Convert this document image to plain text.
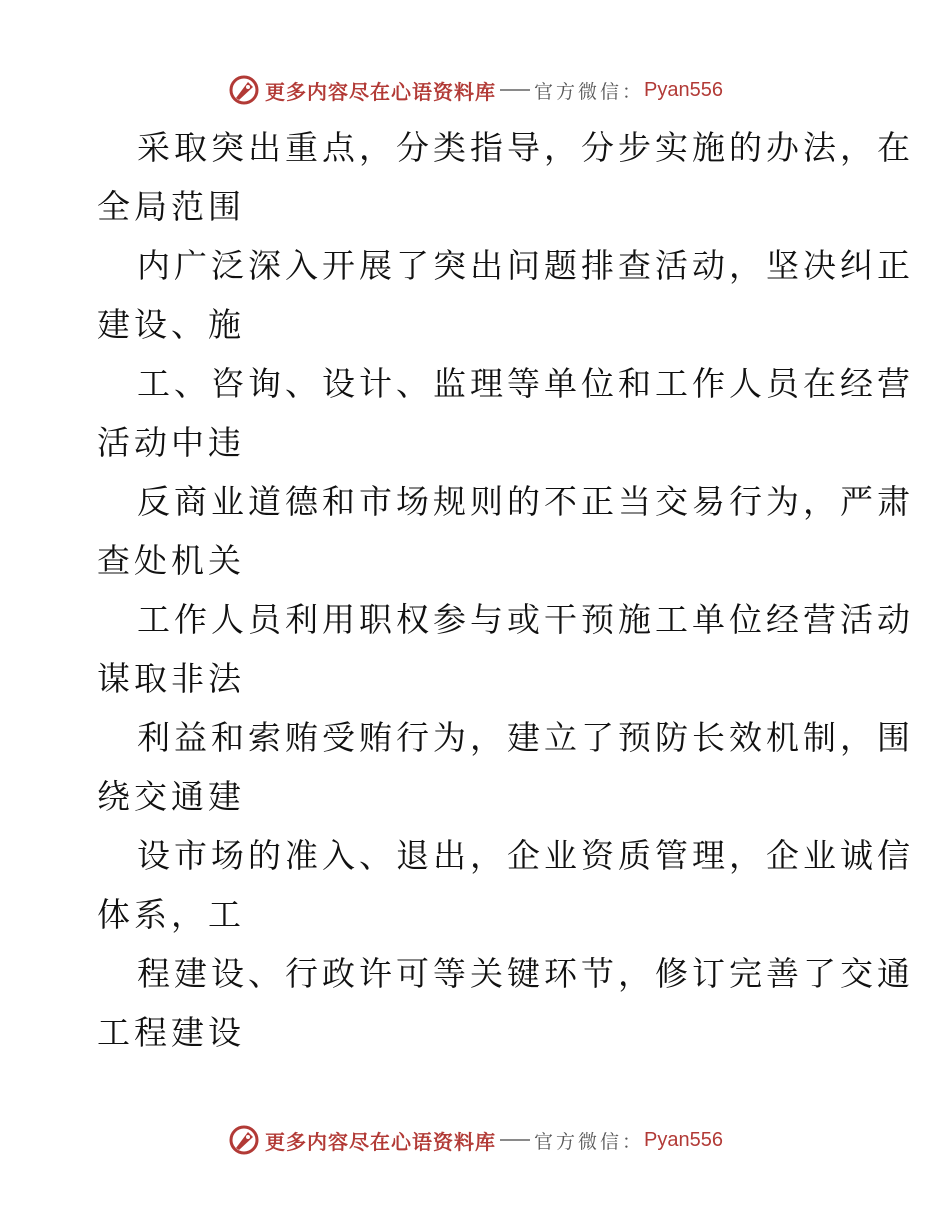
更多内容尽在心语资料库 官方微信： Pyan556

采取突出重点，分类指导，分步实施的办法，在
全局范围

内广泛深入开展了突出问题排查活动，坚决纠正
建设、施

工、咨询、设计、监理等单位和工作人员在经营
活动中违

反商业道德和市场规则的不正当交易行为，严肃
查处机关

工作人员利用职权参与或干预施工单位经营活动
谋取非法

利益和索贿受贿行为，建立了预防长效机制，围
绕交通建

设市场的准入、退出，企业资质管理，企业诚信
体系，工

程建设、行政许可等关键环节，修订完善了交通
工程建设

更多内容尽在心语资料库 官方微信： Pyan556
